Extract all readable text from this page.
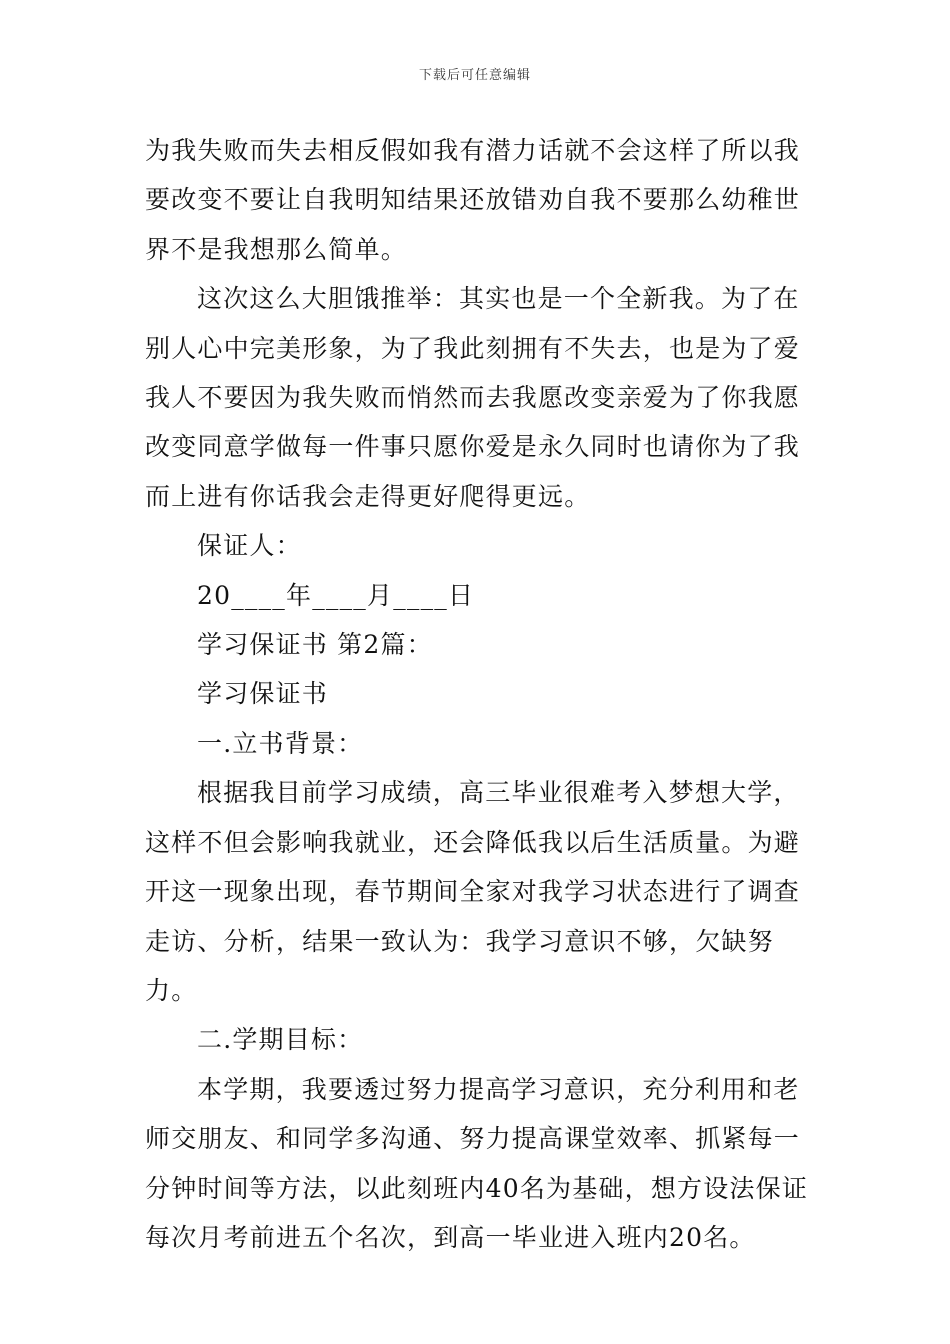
下载后可任意编辑

为我失败而失去相反假如我有潜力话就不会这样了所以我要改变不要让自我明知结果还放错劝自我不要那么幼稚世界不是我想那么简单。

这次这么大胆饿推举：其实也是一个全新我。为了在别人心中完美形象，为了我此刻拥有不失去，也是为了爱我人不要因为我失败而悄然而去我愿改变亲爱为了你我愿改变同意学做每一件事只愿你爱是永久同时也请你为了我而上进有你话我会走得更好爬得更远。

保证人：

20____年____月____日

学习保证书 第2篇：

学习保证书

一.立书背景：

根据我目前学习成绩，高三毕业很难考入梦想大学，这样不但会影响我就业，还会降低我以后生活质量。为避开这一现象出现，春节期间全家对我学习状态进行了调查走访、分析，结果一致认为：我学习意识不够，欠缺努力。

二.学期目标：

本学期，我要透过努力提高学习意识，充分利用和老师交朋友、和同学多沟通、努力提高课堂效率、抓紧每一分钟时间等方法，以此刻班内40名为基础，想方设法保证每次月考前进五个名次，到高一毕业进入班内20名。
